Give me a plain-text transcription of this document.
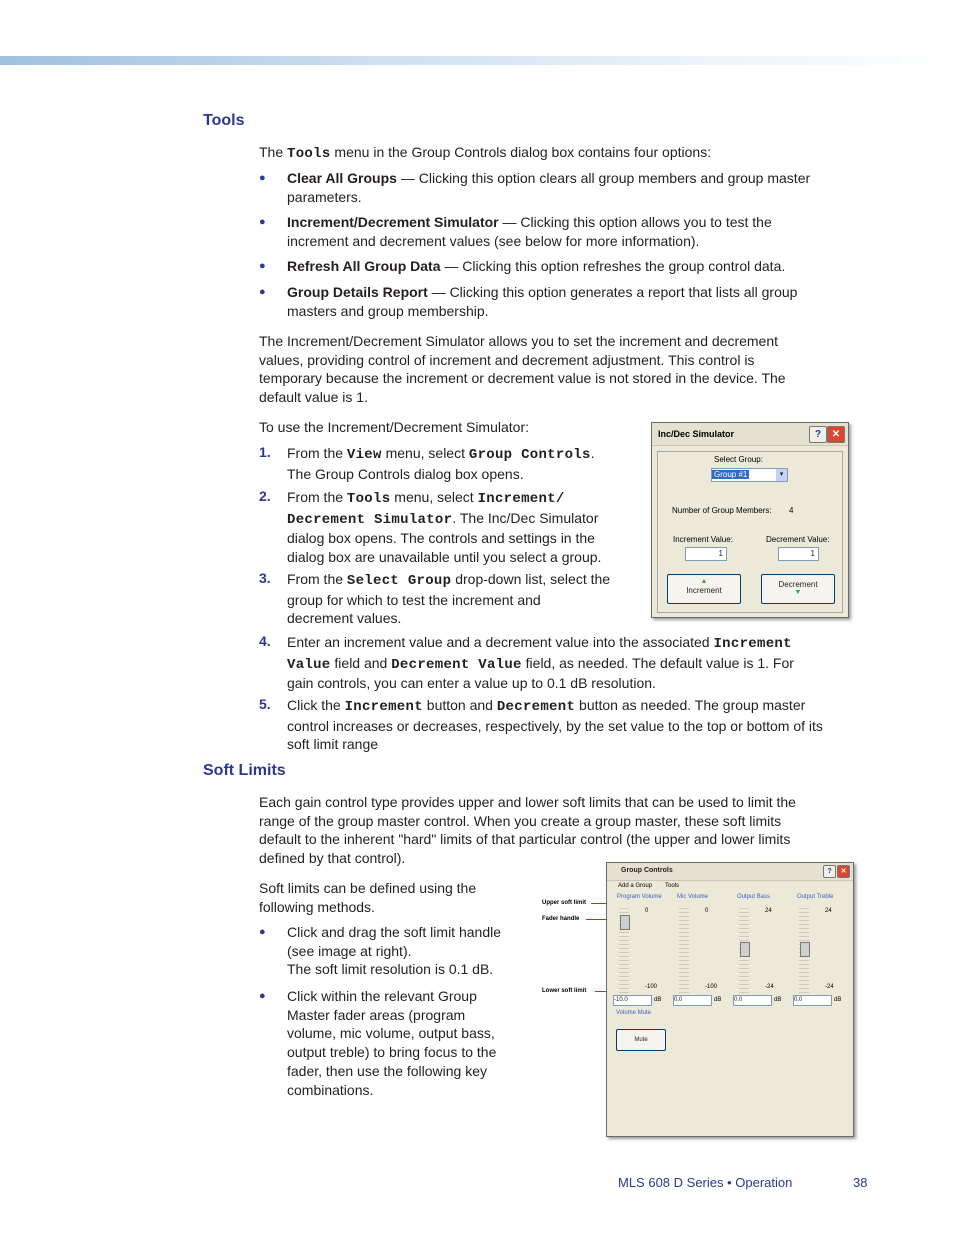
Tools
The Tools menu in the Group Controls dialog box contains four options:
●	Clear All Groups — Clicking this option clears all group members and group master
parameters.
●	Increment/Decrement Simulator — Clicking this option allows you to test the
increment and decrement values (see below for more information).
●	Refresh All Group Data — Clicking this option refreshes the group control data.
●	Group Details Report — Clicking this option generates a report that lists all group
masters and group membership.
The Increment/Decrement Simulator allows you to set the increment and decrement
values, providing control of increment and decrement adjustment. This control is
temporary because the increment or decrement value is not stored in the device. The
default value is 1.
To use the Increment/Decrement Simulator:
1. From the View menu, select Group Controls.
The Group Controls dialog box opens.
2. From the Tools menu, select Increment/
Decrement Simulator. The Inc/Dec Simulator
dialog box opens. The controls and settings in the
dialog box are unavailable until you select a group.
3. From the Select Group drop-down list, select the
group for which to test the increment and
decrement values.
4. Enter an increment value and a decrement value into the associated Increment
Value field and Decrement Value field, as needed. The default value is 1. For
gain controls, you can enter a value up to 0.1 dB resolution.
5. Click the Increment button and Decrement button as needed. The group master
control increases or decreases, respectively, by the set value to the top or bottom of its
soft limit range
Inc/Dec Simulator	?	✕
Select Group:
Group #1	▾
Number of Group Members: 4
Increment Value:	Decrement Value:
1	1
▲
Increment
Decrement
▼
Soft Limits
Each gain control type provides upper and lower soft limits that can be used to limit the
range of the group master control. When you create a group master, these soft limits
default to the inherent "hard" limits of that particular control (the upper and lower limits
defined by that control).
Soft limits can be defined using the
following methods.
●	Click and drag the soft limit handle
(see image at right).
The soft limit resolution is 0.1 dB.
●	Click within the relevant Group
Master fader areas (program
volume, mic volume, output bass,
output treble) to bring focus to the
fader, then use the following key
combinations.
Upper soft limit
Fader handle
Lower soft limit
Group Controls	?	✕
Add a Group Tools
Program Volume
0
-100
-10.0	dB
Mic Volume
0
-100
0.0	dB
Output Bass
24
-24
0.0	dB
Output Treble
24
-24
0.0	dB
Volume Mute
Mute
MLS 608 D Series • Operation	38
